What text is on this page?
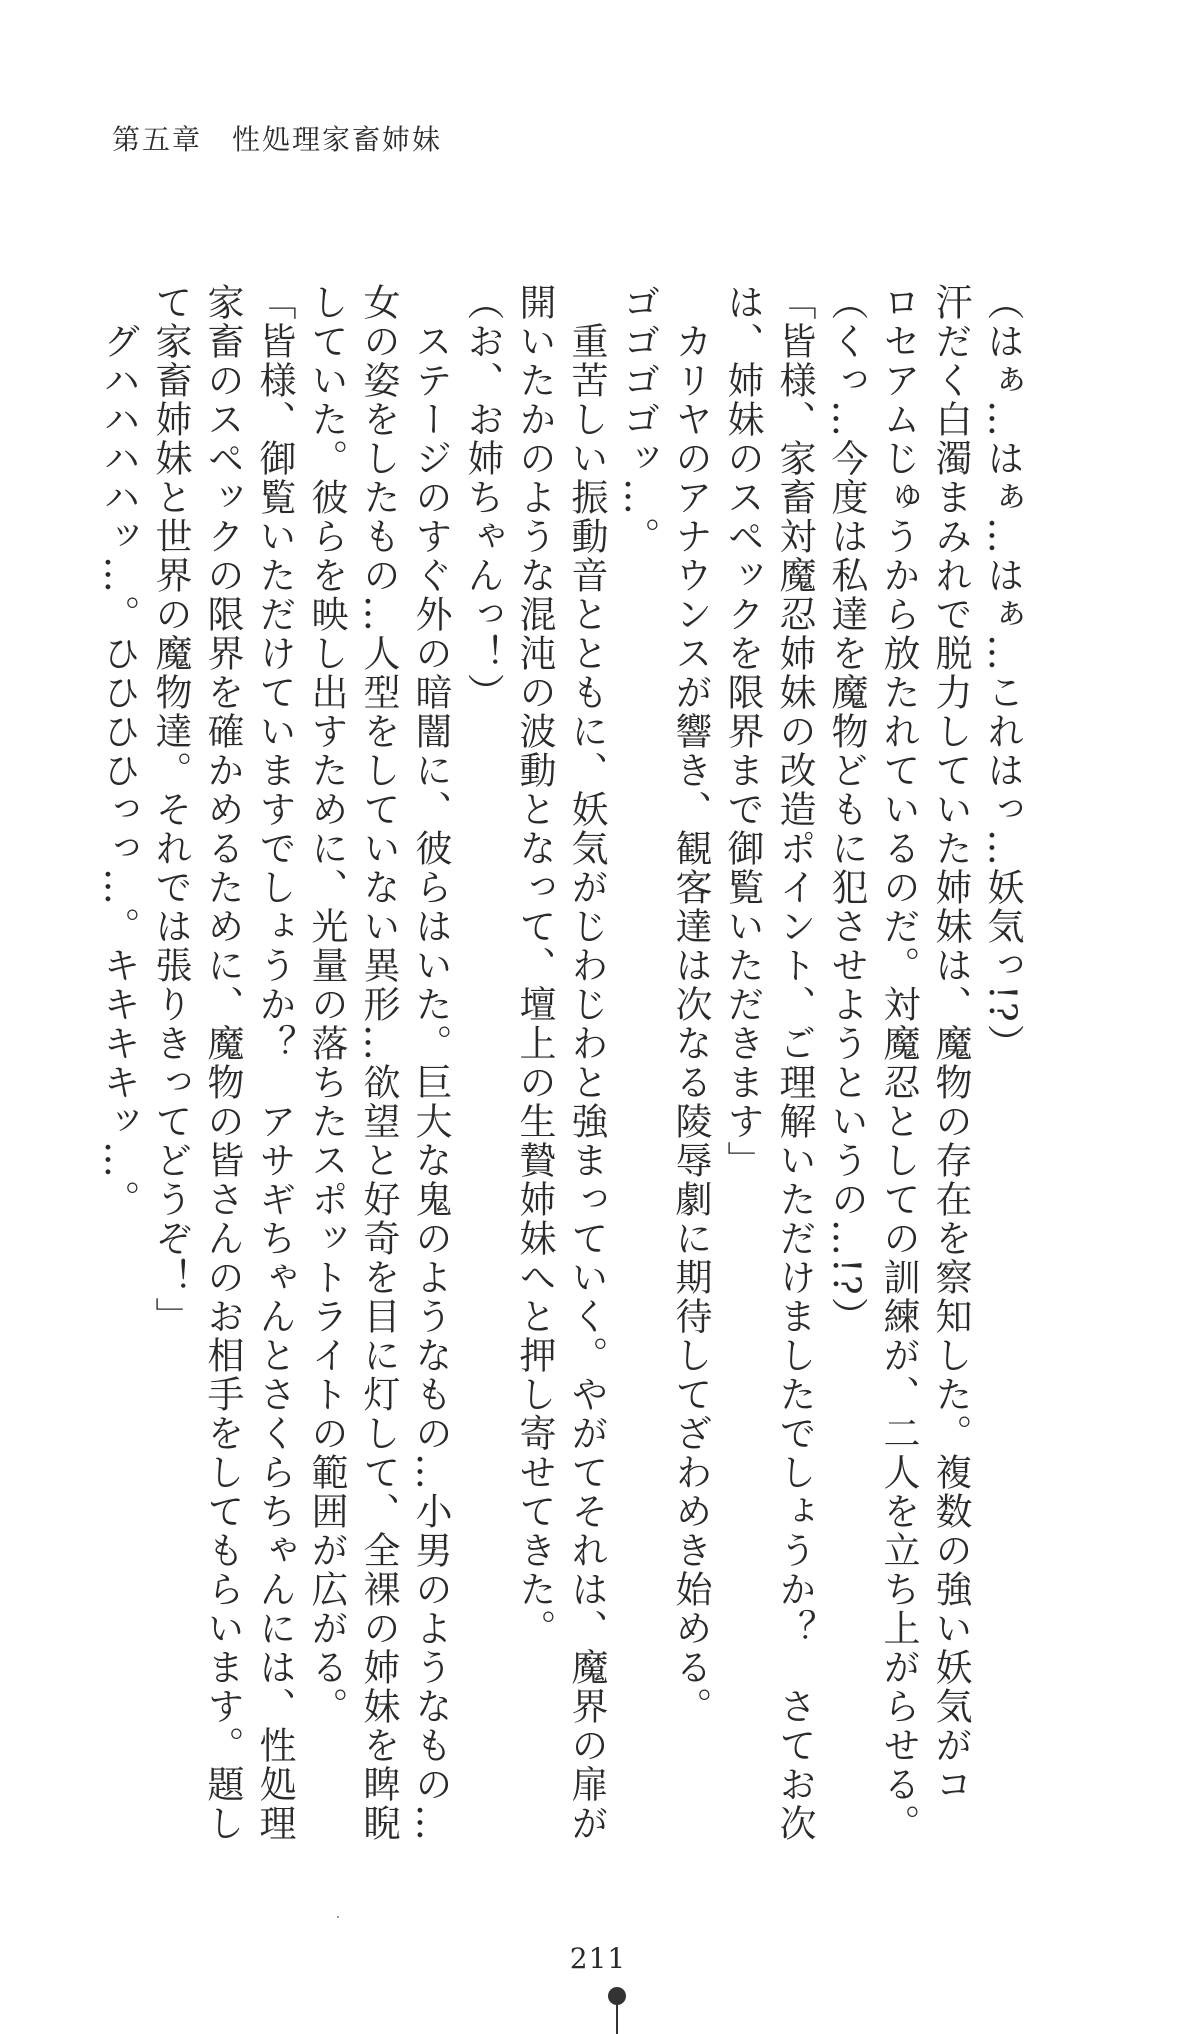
第五章　性処理家畜姉妹
（はぁ…はぁ…はぁ…これはっ…妖気っ!?）
汗だく白濁まみれで脱力していた姉妹は、魔物の存在を察知した。複数の強い妖気がコ
ロセアムじゅうから放たれているのだ。対魔忍としての訓練が、二人を立ち上がらせる。
（くっ…今度は私達を魔物どもに犯させようというの…!?）
「皆様、家畜対魔忍姉妹の改造ポイント、ご理解いただけましたでしょうか？　さてお次
は、姉妹のスペックを限界まで御覧いただきます」
　カリヤのアナウンスが響き、観客達は次なる陵辱劇に期待してざわめき始める。
ゴゴゴゴッ…。
　重苦しい振動音とともに、妖気がじわじわと強まっていく。やがてそれは、魔界の扉が
開いたかのような混沌の波動となって、壇上の生贄姉妹へと押し寄せてきた。
（お、お姉ちゃんっ！）
　ステージのすぐ外の暗闇に、彼らはいた。巨大な鬼のようなもの…小男のようなもの…
女の姿をしたもの…人型をしていない異形…欲望と好奇を目に灯して、全裸の姉妹を睥睨
していた。彼らを映し出すために、光量の落ちたスポットライトの範囲が広がる。
「皆様、御覧いただけていますでしょうか？　アサギちゃんとさくらちゃんには、性処理
家畜のスペックの限界を確かめるために、魔物の皆さんのお相手をしてもらいます。題し
て家畜姉妹と世界の魔物達。それでは張りきってどうぞ！」
　グハハハハッ…。ひひひひっっ…。キキキキッ…。
211
